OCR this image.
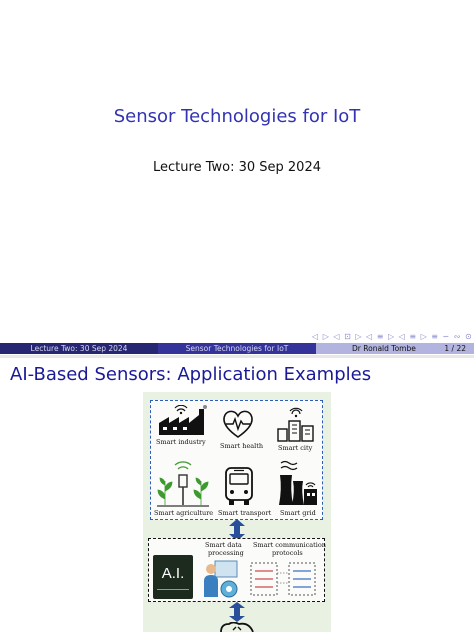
Sensor Technologies for IoT
Lecture Two: 30 Sep 2024
◁ ▷ ◁ ⊡ ▷ ◁ ≡ ▷ ◁ ≡ ▷ ≡ ∽ ∾ ⊙
Lecture Two: 30 Sep 2024	Sensor Technologies for IoT	Dr Ronald Tombe	1 / 22
AI-Based Sensors: Application Examples
Smart industry Smart health Smart city
Smart agriculture Smart transport Smart grid
A.I.
Smart data
processing
Smart communication
protocols
